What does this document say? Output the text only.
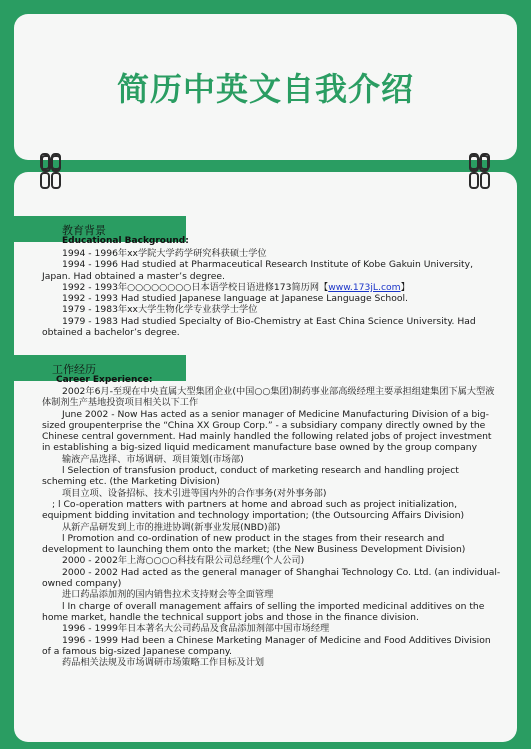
简历中英文自我介绍
教育背景
Educational Background:

1994 - 1996年xx学院大学药学研究科获硕士学位

1994 - 1996 Had studied at Pharmaceutical Research Institute of Kobe Gakuin University, Japan. Had obtained a master’s degree.

1992 - 1993年○○○○○○○○日本语学校日语进修173简历网【www.173jL.com】

1992 - 1993 Had studied Japanese language at Japanese Language School.

1979 - 1983年xx大学生物化学专业获学士学位

1979 - 1983 Had studied Specialty of Bio-Chemistry at East China Science University. Had obtained a bachelor’s degree.

工作经历
Career Experience:

2002年6月-至现在中央直属大型集团企业(中国○○集团)制药事业部高级经理主要承担组建集团下属大型液体制剂生产基地投资项目相关以下工作

June 2002 - Now Has acted as a senior manager of Medicine Manufacturing Division of a big-sized groupenterprise the “China XX Group Corp.” - a subsidiary company directly owned by the Chinese central government. Had mainly handled the following related jobs of project investment in establishing a big-sized liquid medicament manufacture base owned by the group company

输液产品选择、市场调研、项目策划(市场部)

l Selection of transfusion product, conduct of marketing research and handling project scheming etc. (the Marketing Division)

项目立项、设备招标、技术引进等国内外的合作事务(对外事务部)

; l Co-operation matters with partners at home and abroad such as project initialization, equipment bidding invitation and technology importation; (the Outsourcing Affairs Division)

从新产品研发到上市的推进协调(新事业发展(NBD)部)

l Promotion and co-ordination of new product in the stages from their research and development to launching them onto the market; (the New Business Development Division)

2000 - 2002年上海○○○○科技有限公司总经理(个人公司)

2000 - 2002 Had acted as the general manager of Shanghai Technology Co. Ltd. (an individual-owned company)

进口药品添加剂的国内销售拉术支持财会等全面管理

l In charge of overall management affairs of selling the imported medicinal additives on the home market, handle the technical support jobs and those in the finance division.

1996 - 1999年日本著名大公司药品及食品添加剂部中国市场经理

1996 - 1999 Had been a Chinese Marketing Manager of Medicine and Food Additives Division of a famous big-sized Japanese company.

药品相关法规及市场调研市场策略工作目标及计划
